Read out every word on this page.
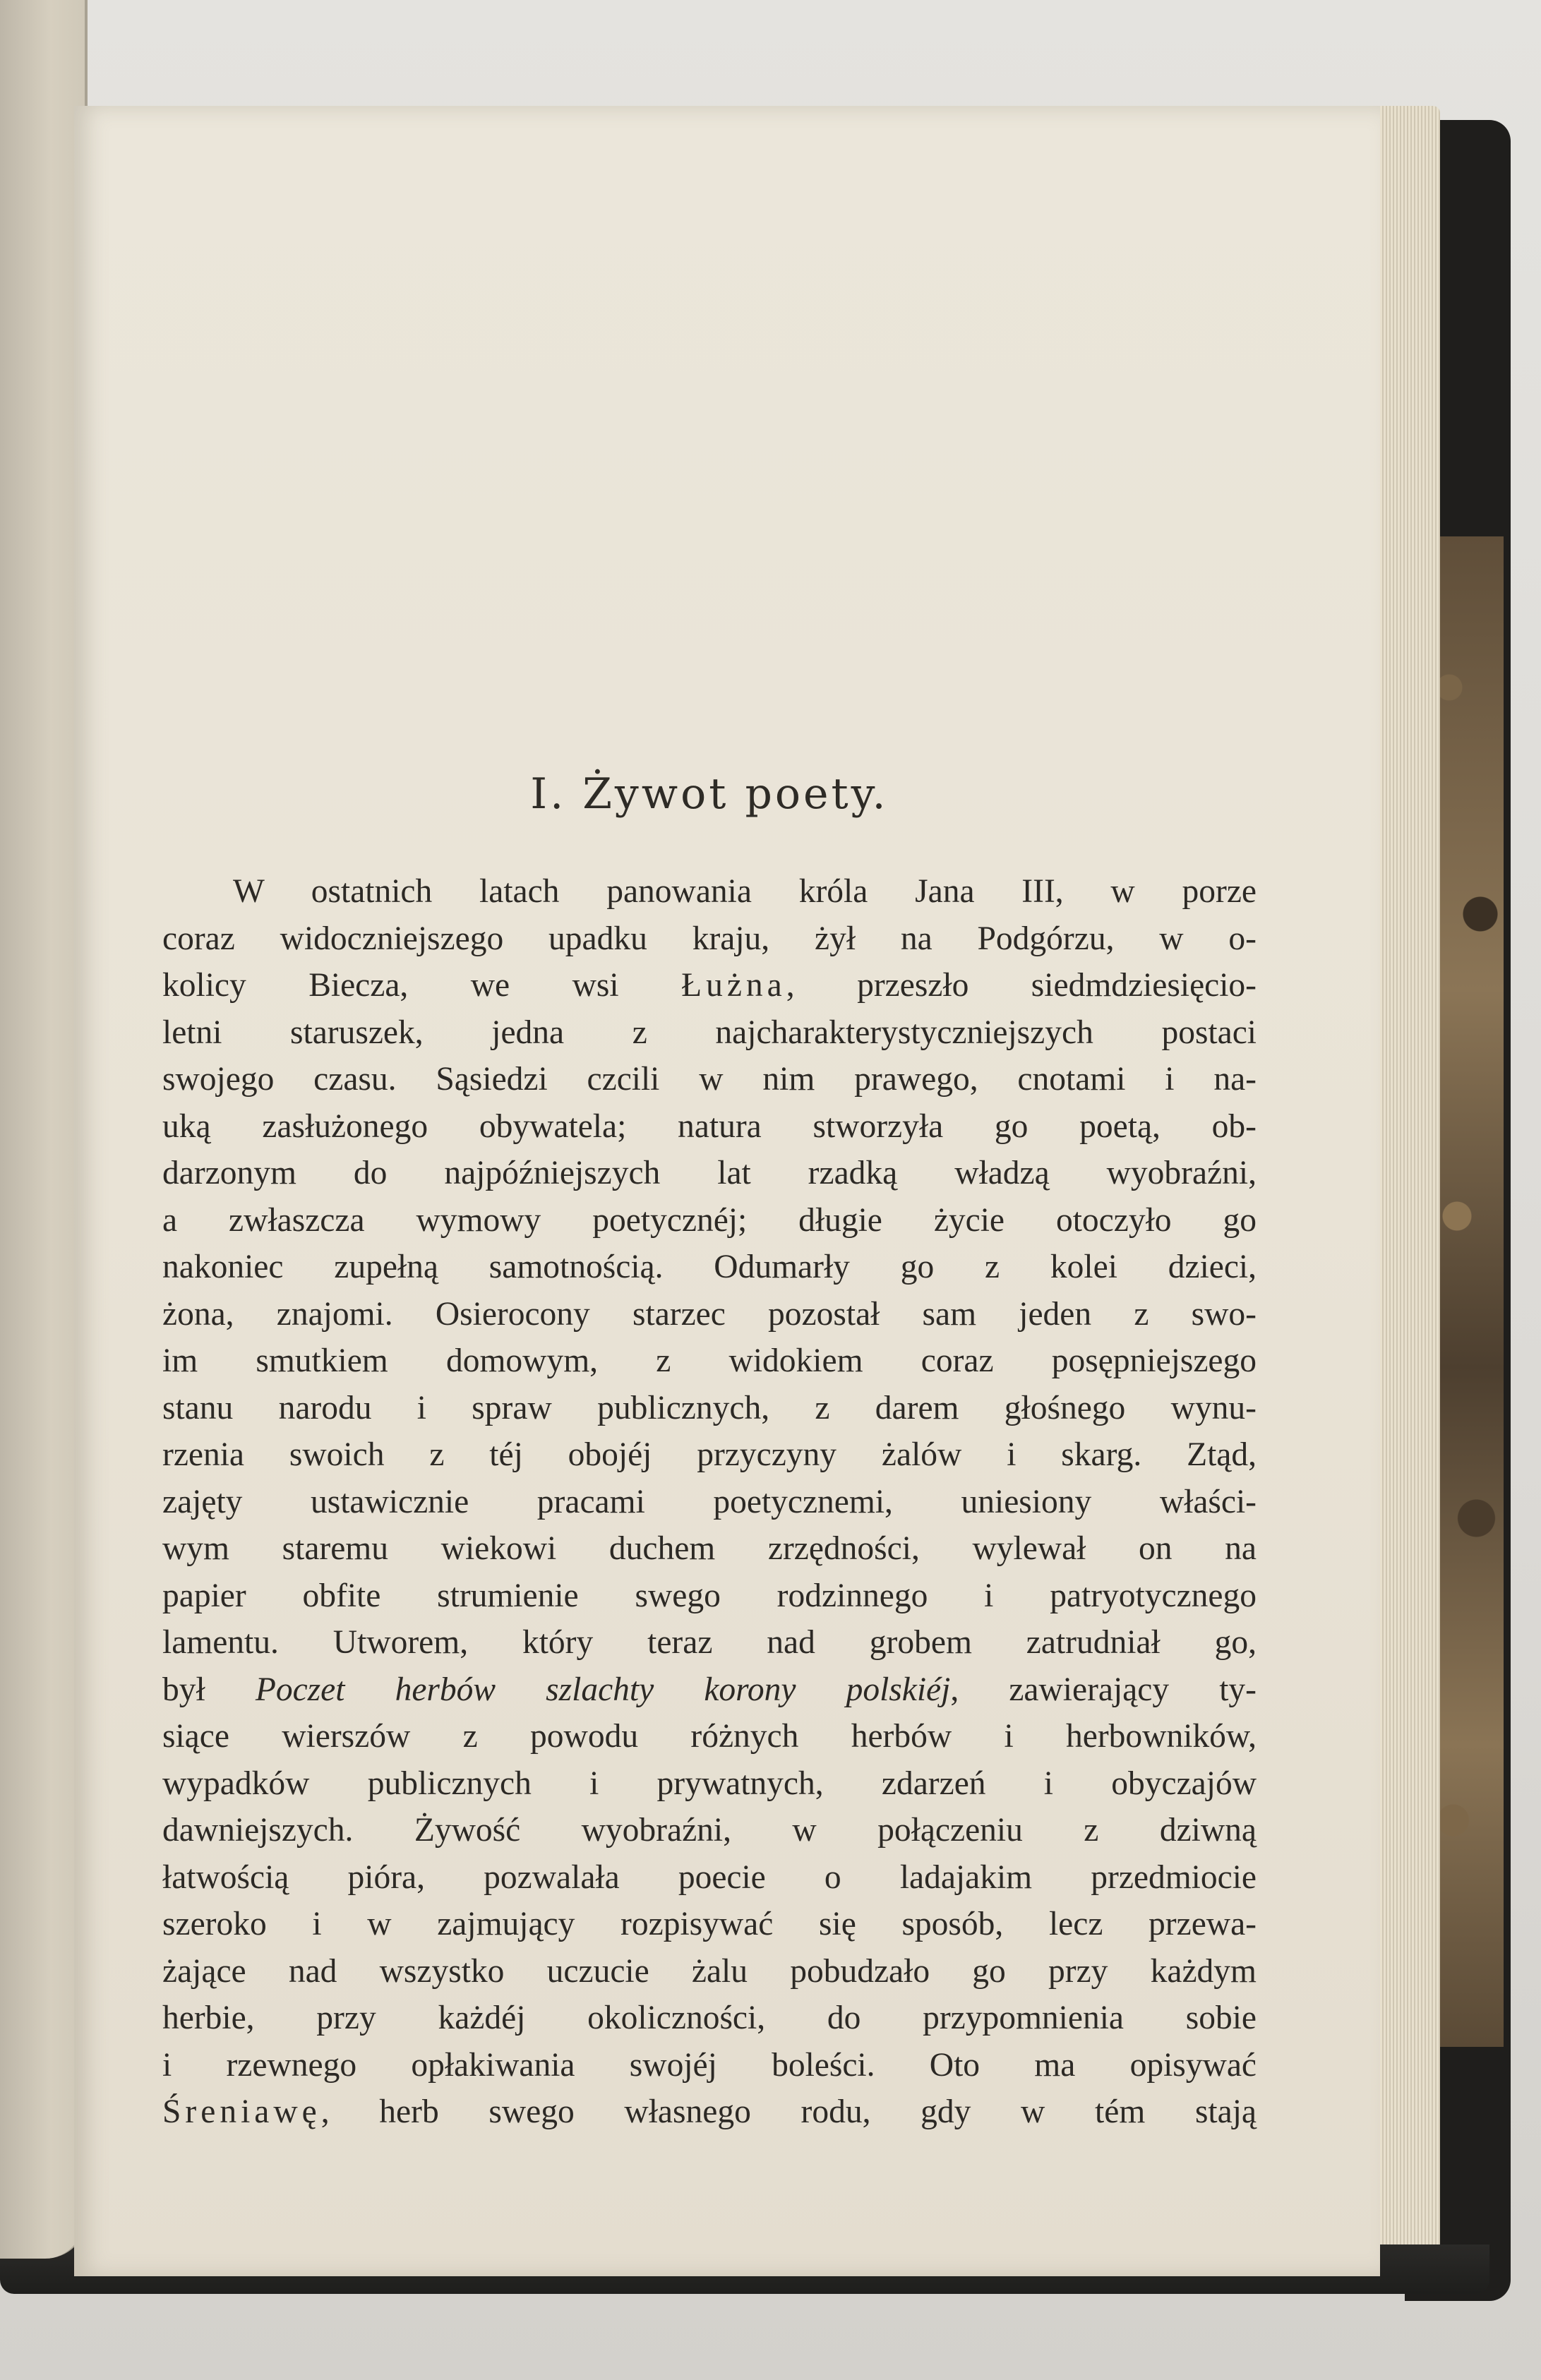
I. Żywot poety.
W ostatnich latach panowania króla Jana III, w porze
coraz widoczniejszego upadku kraju, żył na Podgórzu, w o-
kolicy Biecza, we wsi Łużna, przeszło siedmdziesięcio-
letni staruszek, jedna z najcharakterystyczniejszych postaci
swojego czasu. Sąsiedzi czcili w nim prawego, cnotami i na-
uką zasłużonego obywatela; natura stworzyła go poetą, ob-
darzonym do najpóźniejszych lat rzadką władzą wyobraźni,
a zwłaszcza wymowy poetycznéj; długie życie otoczyło go
nakoniec zupełną samotnością. Odumarły go z kolei dzieci,
żona, znajomi. Osierocony starzec pozostał sam jeden z swo-
im smutkiem domowym, z widokiem coraz posępniejszego
stanu narodu i spraw publicznych, z darem głośnego wynu-
rzenia swoich z téj obojéj przyczyny żalów i skarg. Ztąd,
zajęty ustawicznie pracami poetycznemi, uniesiony właści-
wym staremu wiekowi duchem zrzędności, wylewał on na
papier obfite strumienie swego rodzinnego i patryotycznego
lamentu. Utworem, który teraz nad grobem zatrudniał go,
był Poczet herbów szlachty korony polskiéj, zawierający ty-
siące wierszów z powodu różnych herbów i herbowników,
wypadków publicznych i prywatnych, zdarzeń i obyczajów
dawniejszych. Żywość wyobraźni, w połączeniu z dziwną
łatwością pióra, pozwalała poecie o ladajakim przedmiocie
szeroko i w zajmujący rozpisywać się sposób, lecz przewa-
żające nad wszystko uczucie żalu pobudzało go przy każdym
herbie, przy każdéj okoliczności, do przypomnienia sobie
i rzewnego opłakiwania swojéj boleści. Oto ma opisywać
Śreniawę, herb swego własnego rodu, gdy w tém stają
